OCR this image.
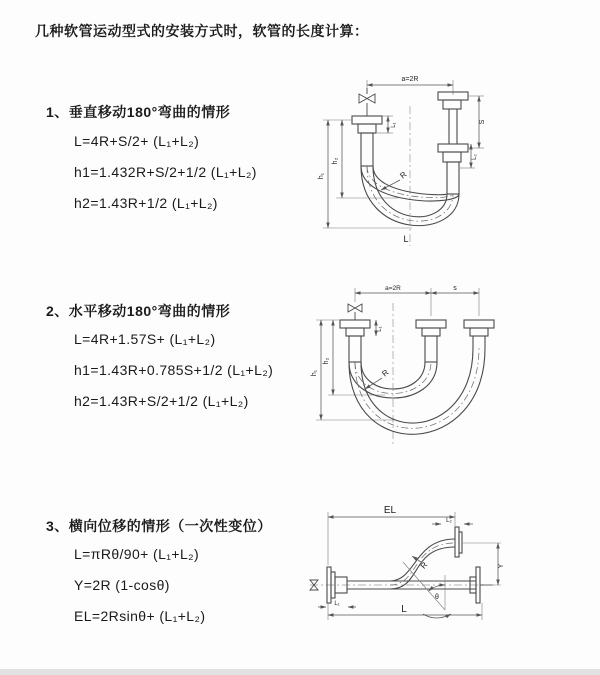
几种软管运动型式的安装方式时，软管的长度计算：
1、垂直移动180°弯曲的情形
L=4R+S/2+ (L₁+L₂)
h1=1.432R+S/2+1/2 (L₁+L₂)
h2=1.43R+1/2 (L₁+L₂)
2、水平移动180°弯曲的情形
L=4R+1.57S+ (L₁+L₂)
h1=1.43R+0.785S+1/2 (L₁+L₂)
h2=1.43R+S/2+1/2 (L₁+L₂)
3、横向位移的情形（一次性变位）
L=πRθ/90+ (L₁+L₂)
Y=2R (1-cosθ)
EL=2Rsinθ+ (L₁+L₂)
a=2R
L₁
S
L₂
h₁
h₂
R
L
a=2R	s
L₁
h₁
h₂
R
EL
L₂
Y
θ
R
L
L₁
